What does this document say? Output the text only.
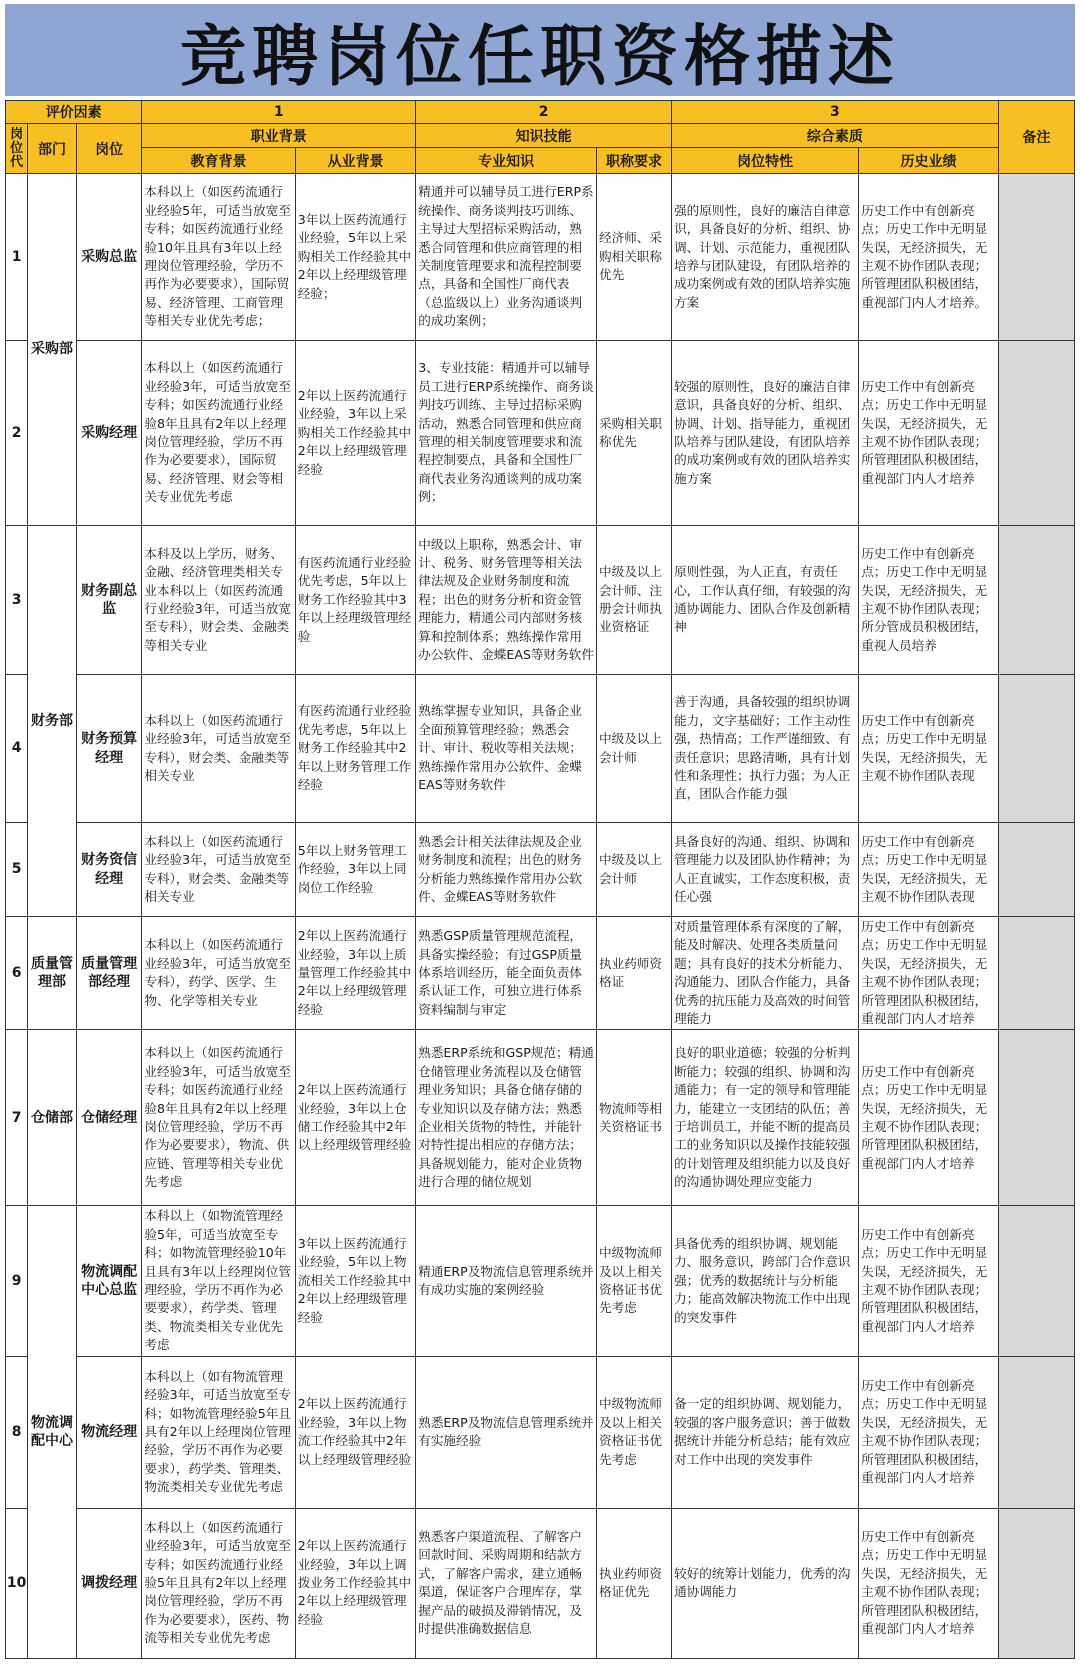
竞聘岗位任职资格描述
评价因素			1		2		3		备注
岗位代	部门	岗位	职业背景		知识技能		综合素质		
			教育背景	从业背景	专业知识	职称要求	岗位特性	历史业绩	
1	采购部	采购总监	本科以上（如医药流通行业经验5年，可适当放宽至专科；如医药流通行业经验10年且具有3年以上经理岗位管理经验，学历不再作为必要要求），国际贸易、经济管理、工商管理等相关专业优先考虑；	3年以上医药流通行业经验，5年以上采购相关工作经验其中2年以上经理级管理经验；	精通并可以辅导员工进行ERP系统操作、商务谈判技巧训练、主导过大型招标采购活动，熟悉合同管理和供应商管理的相关制度管理要求和流程控制要点，具备和全国性厂商代表（总监级以上）业务沟通谈判的成功案例；	经济师、采购相关职称优先	强的原则性，良好的廉洁自律意识，具备良好的分析、组织、协调、计划、示范能力，重视团队培养与团队建设，有团队培养的成功案例或有效的团队培养实施方案	历史工作中有创新亮点；历史工作中无明显失误，无经济损失，无主观不协作团队表现；所管理团队积极团结，重视部门内人才培养。	
2		采购经理	本科以上（如医药流通行业经验3年，可适当放宽至专科；如医药流通行业经验8年且具有2年以上经理岗位管理经验，学历不再作为必要要求），国际贸易、经济管理、财会等相关专业优先考虑	2年以上医药流通行业经验，3年以上采购相关工作经验其中2年以上经理级管理经验	3、专业技能：精通并可以辅导员工进行ERP系统操作、商务谈判技巧训练、主导过招标采购活动，熟悉合同管理和供应商管理的相关制度管理要求和流程控制要点，具备和全国性厂商代表业务沟通谈判的成功案例；	采购相关职称优先	较强的原则性，良好的廉洁自律意识，具备良好的分析、组织、协调、计划、指导能力，重视团队培养与团队建设，有团队培养的成功案例或有效的团队培养实施方案	历史工作中有创新亮点；历史工作中无明显失误，无经济损失，无主观不协作团队表现；所管理团队积极团结，重视部门内人才培养	
3	财务部	财务副总监	本科及以上学历，财务、金融、经济管理类相关专业本科以上（如医药流通行业经验3年，可适当放宽至专科），财会类、金融类等相关专业	有医药流通行业经验优先考虑，5年以上财务工作经验其中3年以上经理级管理经验	中级以上职称，熟悉会计、审计、税务、财务管理等相关法律法规及企业财务制度和流程；出色的财务分析和资金管理能力，精通公司内部财务核算和控制体系；熟练操作常用办公软件、金蝶EAS等财务软件	中级及以上会计师、注册会计师执业资格证	原则性强，为人正直，有责任心，工作认真仔细，有较强的沟通协调能力、团队合作及创新精神	历史工作中有创新亮点；历史工作中无明显失误，无经济损失，无主观不协作团队表现；所分管成员积极团结，重视人员培养	
4		财务预算经理	本科以上（如医药流通行业经验3年，可适当放宽至专科），财会类、金融类等相关专业	有医药流通行业经验优先考虑，5年以上财务工作经验其中2年以上财务管理工作经验	熟练掌握专业知识，具备企业全面预算管理经验；熟悉会计、审计、税收等相关法规；熟练操作常用办公软件、金蝶EAS等财务软件	中级及以上会计师	善于沟通，具备较强的组织协调能力，文字基础好；工作主动性强，热情高；工作严谨细致、有责任意识；思路清晰，具有计划性和条理性；执行力强；为人正直，团队合作能力强	历史工作中有创新亮点；历史工作中无明显失误，无经济损失，无主观不协作团队表现	
5		财务资信经理	本科以上（如医药流通行业经验3年，可适当放宽至专科），财会类、金融类等相关专业	5年以上财务管理工作经验，3年以上同岗位工作经验	熟悉会计相关法律法规及企业财务制度和流程；出色的财务分析能力熟练操作常用办公软件、金蝶EAS等财务软件	中级及以上会计师	具备良好的沟通、组织、协调和管理能力以及团队协作精神；为人正直诚实，工作态度积极，责任心强	历史工作中有创新亮点；历史工作中无明显失误，无经济损失，无主观不协作团队表现	
6	质量管理部	质量管理部经理	本科以上（如医药流通行业经验3年，可适当放宽至专科），药学、医学、生物、化学等相关专业	2年以上医药流通行业经验，3年以上质量管理工作经验其中2年以上经理级管理经验	熟悉GSP质量管理规范流程，具备实操经验；有过GSP质量体系培训经历，能全面负责体系认证工作，可独立进行体系资料编制与审定	执业药师资格证	对质量管理体系有深度的了解，能及时解决、处理各类质量问题；具有良好的技术分析能力、沟通能力、团队合作能力，具备优秀的抗压能力及高效的时间管理能力	历史工作中有创新亮点；历史工作中无明显失误，无经济损失，无主观不协作团队表现；所管理团队积极团结，重视部门内人才培养	
7	仓储部	仓储经理	本科以上（如医药流通行业经验3年，可适当放宽至专科；如医药流通行业经验8年且具有2年以上经理岗位管理经验，学历不再作为必要要求），物流、供应链、管理等相关专业优先考虑	2年以上医药流通行业经验，3年以上仓储工作经验其中2年以上经理级管理经验	熟悉ERP系统和GSP规范；精通仓储管理业务流程以及仓储管理业务知识；具备仓储存储的专业知识以及存储方法；熟悉企业相关货物的特性，并能针对特性提出相应的存储方法；具备规划能力，能对企业货物进行合理的储位规划	物流师等相关资格证书	良好的职业道德；较强的分析判断能力；较强的组织、协调和沟通能力；有一定的领导和管理能力，能建立一支团结的队伍；善于培训员工，并能不断的提高员工的业务知识以及操作技能较强的计划管理及组织能力以及良好的沟通协调处理应变能力	历史工作中有创新亮点；历史工作中无明显失误，无经济损失，无主观不协作团队表现；所管理团队积极团结，重视部门内人才培养	
9	物流调配中心	物流调配中心总监	本科以上（如物流管理经验5年，可适当放宽至专科；如物流管理经验10年且具有3年以上经理岗位管理经验，学历不再作为必要要求），药学类、管理类、物流类相关专业优先考虑	3年以上医药流通行业经验，5年以上物流相关工作经验其中2年以上经理级管理经验	精通ERP及物流信息管理系统并有成功实施的案例经验	中级物流师及以上相关资格证书优先考虑	具备优秀的组织协调、规划能力、服务意识，跨部门合作意识强；优秀的数据统计与分析能力；能高效解决物流工作中出现的突发事件	历史工作中有创新亮点；历史工作中无明显失误，无经济损失，无主观不协作团队表现；所管理团队积极团结，重视部门内人才培养	
8		物流经理	本科以上（如有物流管理经验3年，可适当放宽至专科；如物流管理经验5年且具有2年以上经理岗位管理经验，学历不再作为必要要求），药学类、管理类、物流类相关专业优先考虑	2年以上医药流通行业经验，3年以上物流工作经验其中2年以上经理级管理经验	熟悉ERP及物流信息管理系统并有实施经验	中级物流师及以上相关资格证书优先考虑	备一定的组织协调、规划能力，较强的客户服务意识；善于做数据统计并能分析总结；能有效应对工作中出现的突发事件	历史工作中有创新亮点；历史工作中无明显失误，无经济损失，无主观不协作团队表现；所管理团队积极团结，重视部门内人才培养	
10		调拨经理	本科以上（如医药流通行业经验3年，可适当放宽至专科；如医药流通行业经验5年且具有2年以上经理岗位管理经验，学历不再作为必要要求），医药、物流等相关专业优先考虑	2年以上医药流通行业经验，3年以上调拨业务工作经验其中2年以上经理级管理经验	熟悉客户渠道流程、了解客户回款时间、采购周期和结款方式，了解客户需求，建立通畅渠道，保证客户合理库存，掌握产品的破损及滞销情况，及时提供准确数据信息	执业药师资格证优先	较好的统筹计划能力，优秀的沟通协调能力	历史工作中有创新亮点；历史工作中无明显失误，无经济损失，无主观不协作团队表现；所管理团队积极团结，重视部门内人才培养	
